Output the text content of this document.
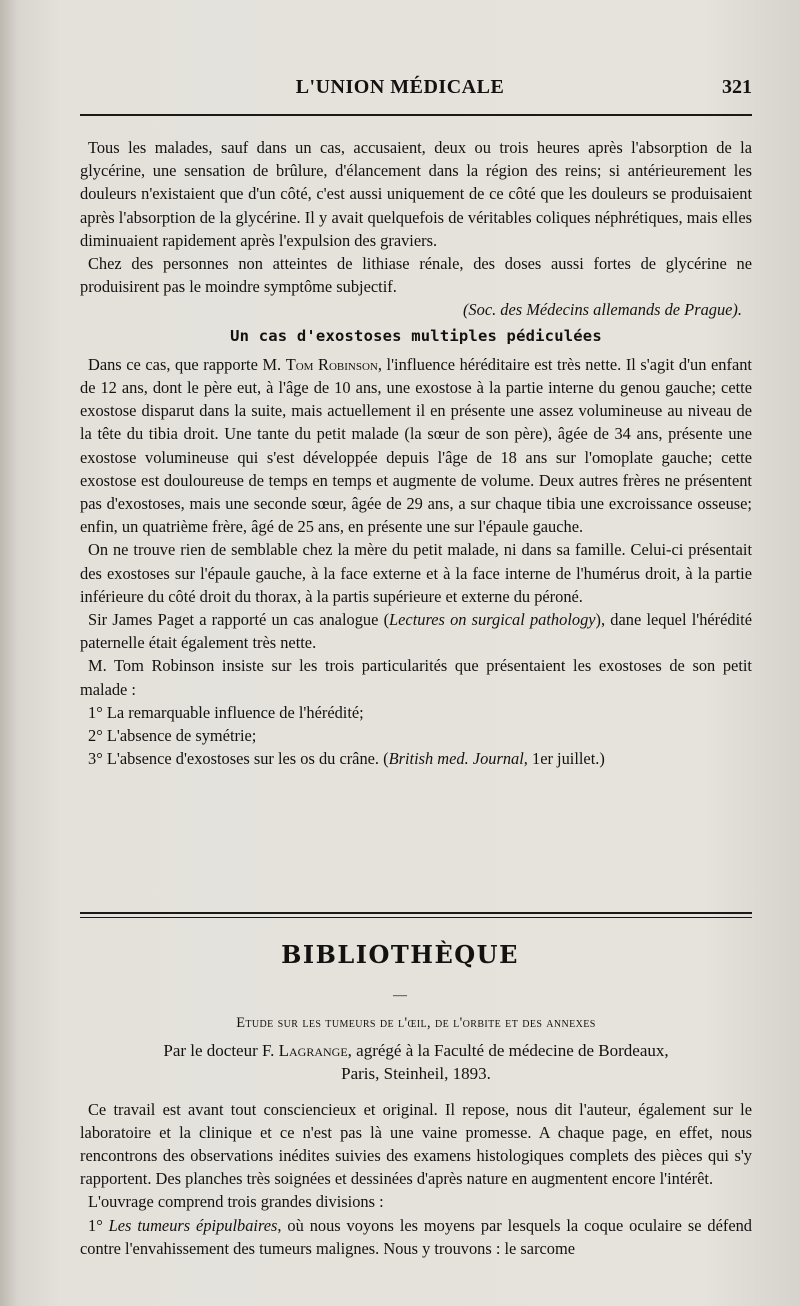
L'UNION MÉDICALE	321

Tous les malades, sauf dans un cas, accusaient, deux ou trois heures après l'absorption de la glycérine, une sensation de brûlure, d'élancement dans la région des reins; si antérieurement les douleurs n'existaient que d'un côté, c'est aussi uniquement de ce côté que les douleurs se produisaient après l'absorption de la glycérine. Il y avait quelquefois de véritables coliques néphrétiques, mais elles diminuaient rapidement après l'expulsion des graviers.

Chez des personnes non atteintes de lithiase rénale, des doses aussi fortes de glycérine ne produisirent pas le moindre symptôme subjectif.

(Soc. des Médecins allemands de Prague).

Un cas d'exostoses multiples pédiculées

Dans ce cas, que rapporte M. Tom Robinson, l'influence héréditaire est très nette. Il s'agit d'un enfant de 12 ans, dont le père eut, à l'âge de 10 ans, une exostose à la partie interne du genou gauche; cette exostose disparut dans la suite, mais actuellement il en présente une assez volumineuse au niveau de la tête du tibia droit. Une tante du petit malade (la sœur de son père), âgée de 34 ans, présente une exostose volumineuse qui s'est développée depuis l'âge de 18 ans sur l'omoplate gauche; cette exostose est douloureuse de temps en temps et augmente de volume. Deux autres frères ne présentent pas d'exostoses, mais une seconde sœur, âgée de 29 ans, a sur chaque tibia une excroissance osseuse; enfin, un quatrième frère, âgé de 25 ans, en présente une sur l'épaule gauche.

On ne trouve rien de semblable chez la mère du petit malade, ni dans sa famille. Celui-ci présentait des exostoses sur l'épaule gauche, à la face externe et à la face interne de l'humérus droit, à la partie inférieure du côté droit du thorax, à la partis supérieure et externe du péroné.

Sir James Paget a rapporté un cas analogue (Lectures on surgical pathology), dane lequel l'hérédité paternelle était également très nette.

M. Tom Robinson insiste sur les trois particularités que présentaient les exostoses de son petit malade :

1° La remarquable influence de l'hérédité;

2° L'absence de symétrie;

3° L'absence d'exostoses sur les os du crâne. (British med. Journal, 1er juillet.)

BIBLIOTHÈQUE
—

Etude sur les tumeurs de l'œil, de l'orbite et des annexes

Par le docteur F. Lagrange, agrégé à la Faculté de médecine de Bordeaux,

Paris, Steinheil, 1893.

Ce travail est avant tout consciencieux et original. Il repose, nous dit l'auteur, également sur le laboratoire et la clinique et ce n'est pas là une vaine promesse. A chaque page, en effet, nous rencontrons des observations inédites suivies des examens histologiques complets des pièces qui s'y rapportent. Des planches très soignées et dessinées d'après nature en augmentent encore l'intérêt.

L'ouvrage comprend trois grandes divisions :

1° Les tumeurs épipulbaires, où nous voyons les moyens par lesquels la coque oculaire se défend contre l'envahissement des tumeurs malignes. Nous y trouvons : le sarcome
